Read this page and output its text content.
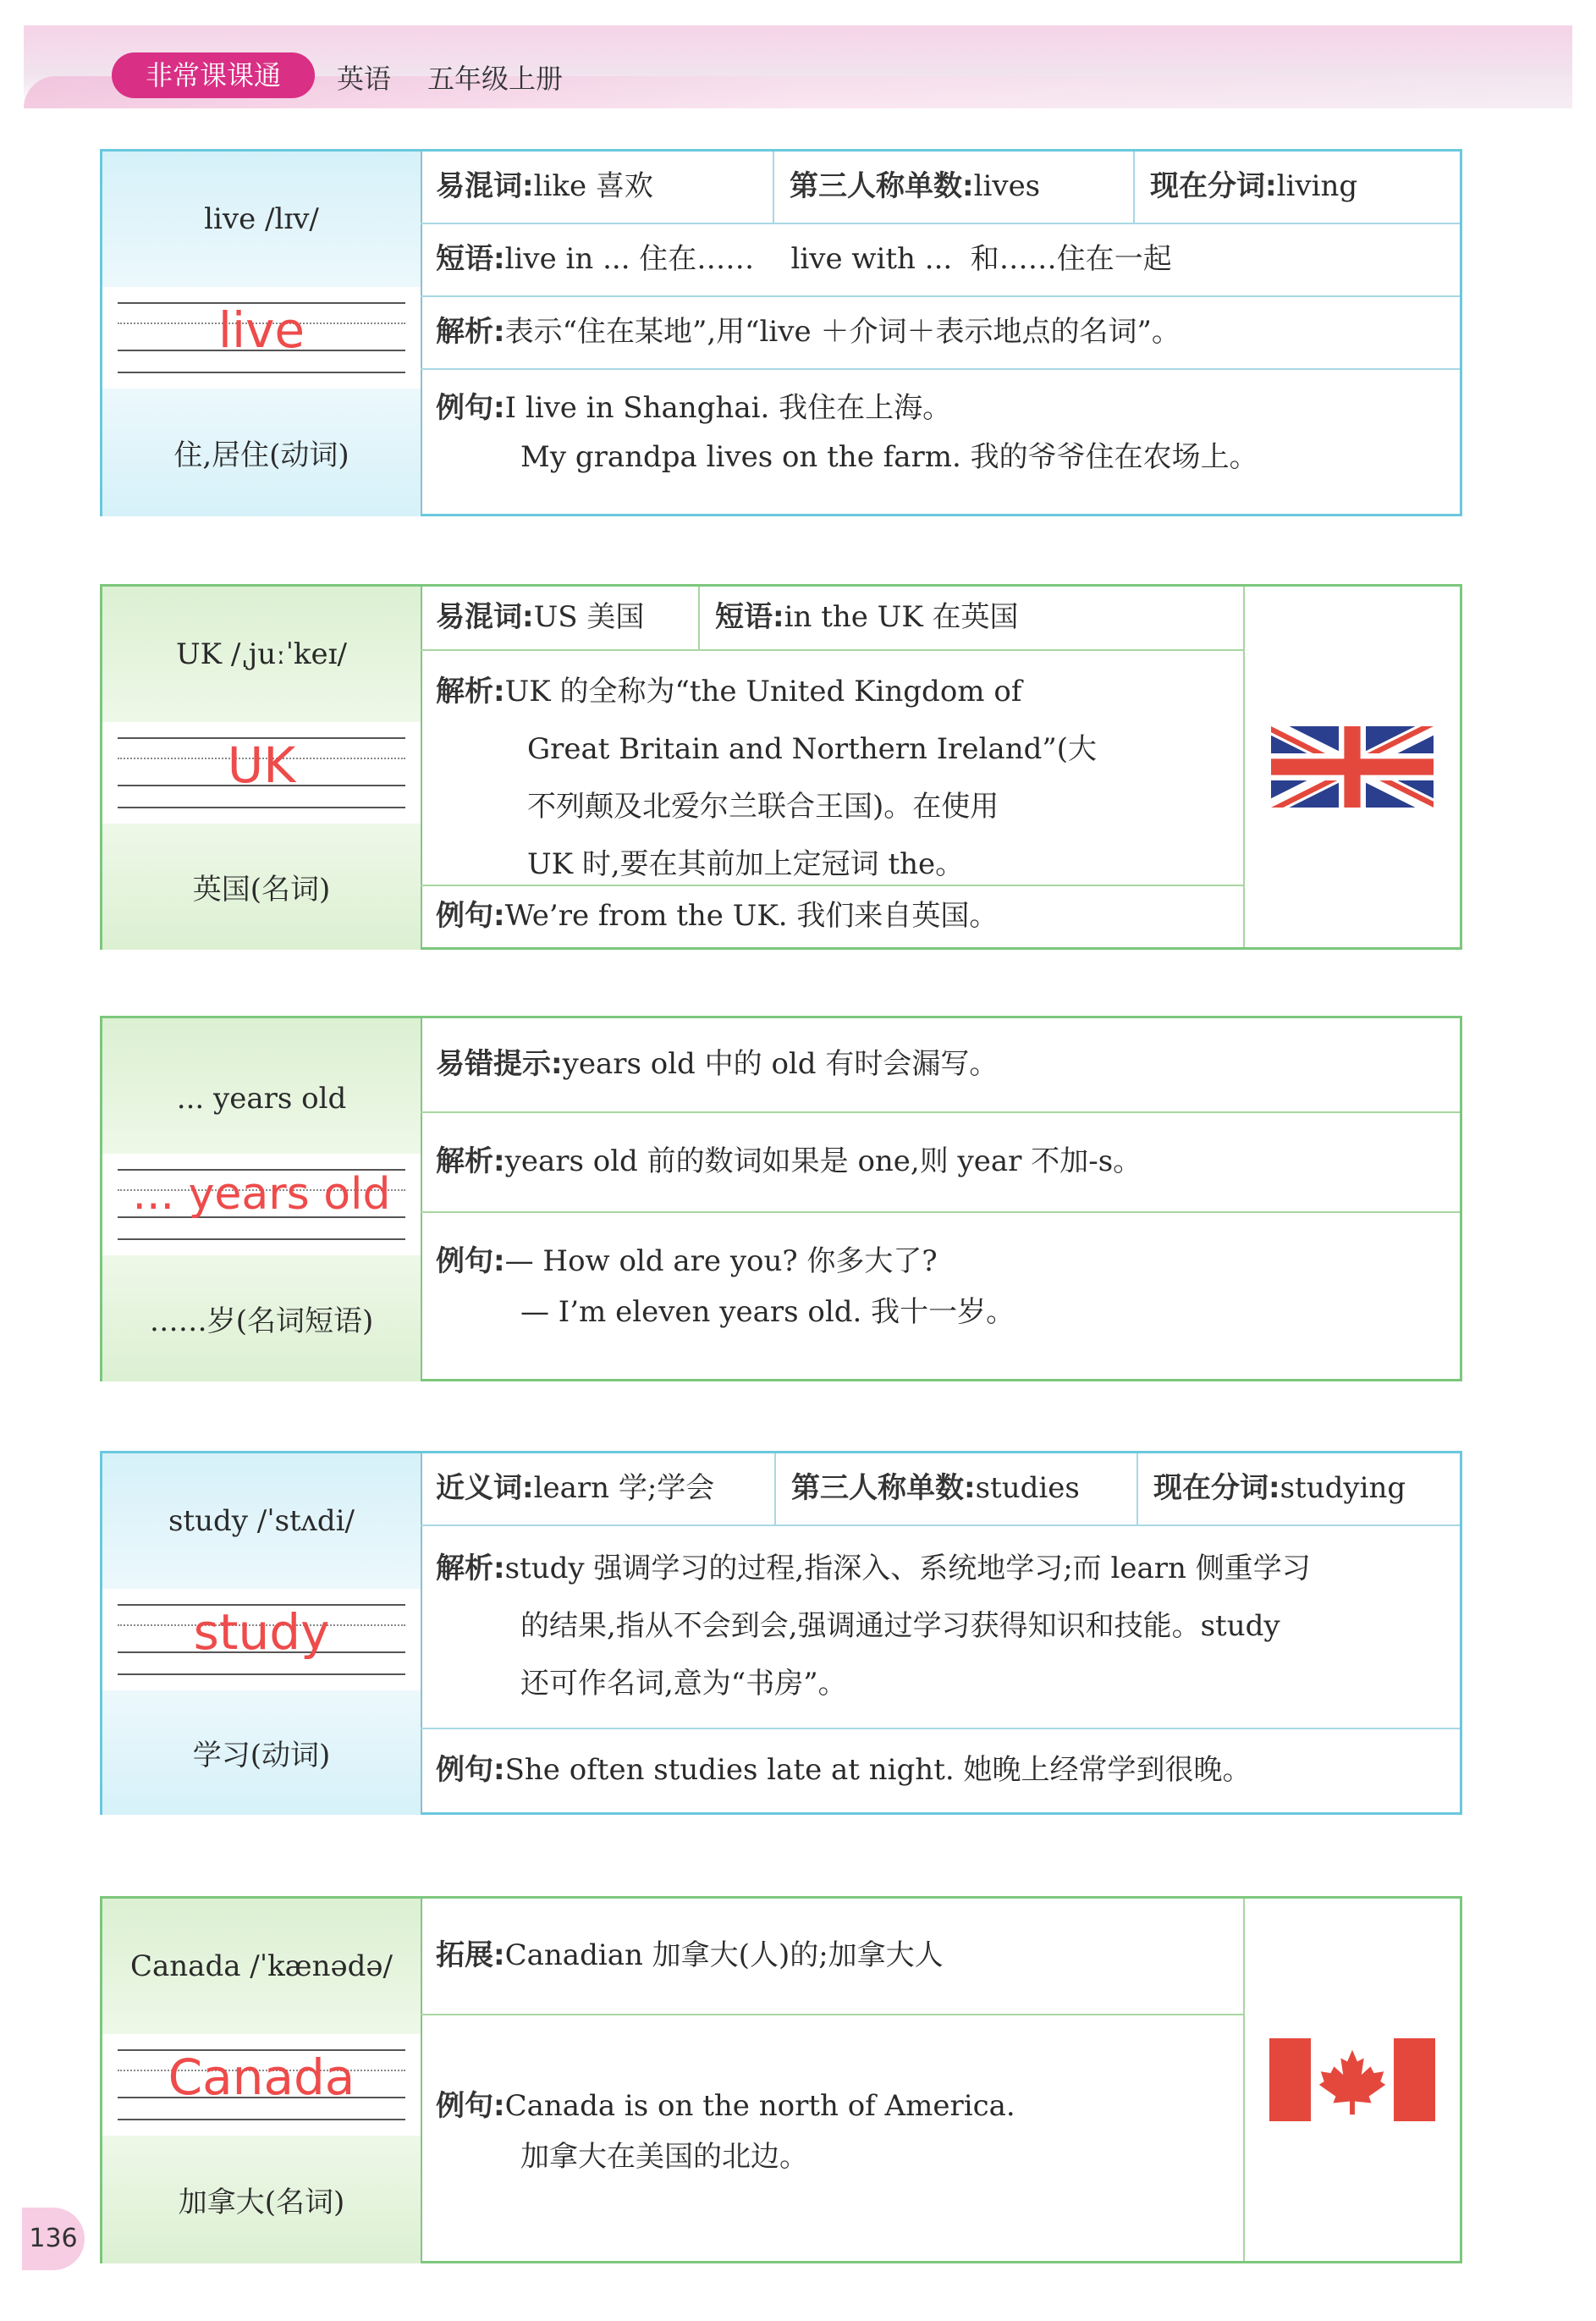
非常课课通	英语 五年级上册
live /lɪv/
live
住,居住(动词)
易混词: like 喜欢	第三人称单数: lives	现在分词: living
短语: live in ... 住在……    live with ...  和……住在一起
解析: 表示“住在某地”,用“live ＋介词＋表示地点的名词”。
例句:I live in Shanghai. 我住在上海。
My grandpa lives on the farm. 我的爷爷住在农场上。
UK /ˌjuːˈkeɪ/
UK
英国(名词)
易混词: US 美国 短语: in the UK 在英国
解析:UK 的全称为“the United Kingdom of
Great Britain and Northern Ireland”(大
不列颠及北爱尔兰联合王国)。在使用
UK 时,要在其前加上定冠词 the。
例句: We’re from the UK. 我们来自英国。
... years old
... years old
……岁(名词短语)
易错提示: years old 中的 old 有时会漏写。
解析: years old 前的数词如果是 one,则 year 不加-s。
例句:— How old are you? 你多大了?
— I’m eleven years old. 我十一岁。
study /ˈstʌdi/
study
学习(动词)
近义词: learn 学;学会	第三人称单数: studies	现在分词: studying
解析:study 强调学习的过程,指深入、系统地学习;而 learn 侧重学习
的结果,指从不会到会,强调通过学习获得知识和技能。study
还可作名词,意为“书房”。
例句: She often studies late at night. 她晚上经常学到很晚。
Canada /ˈkænədə/
Canada
加拿大(名词)
拓展: Canadian 加拿大(人)的;加拿大人
例句:Canada is on the north of America.
加拿大在美国的北边。
136
